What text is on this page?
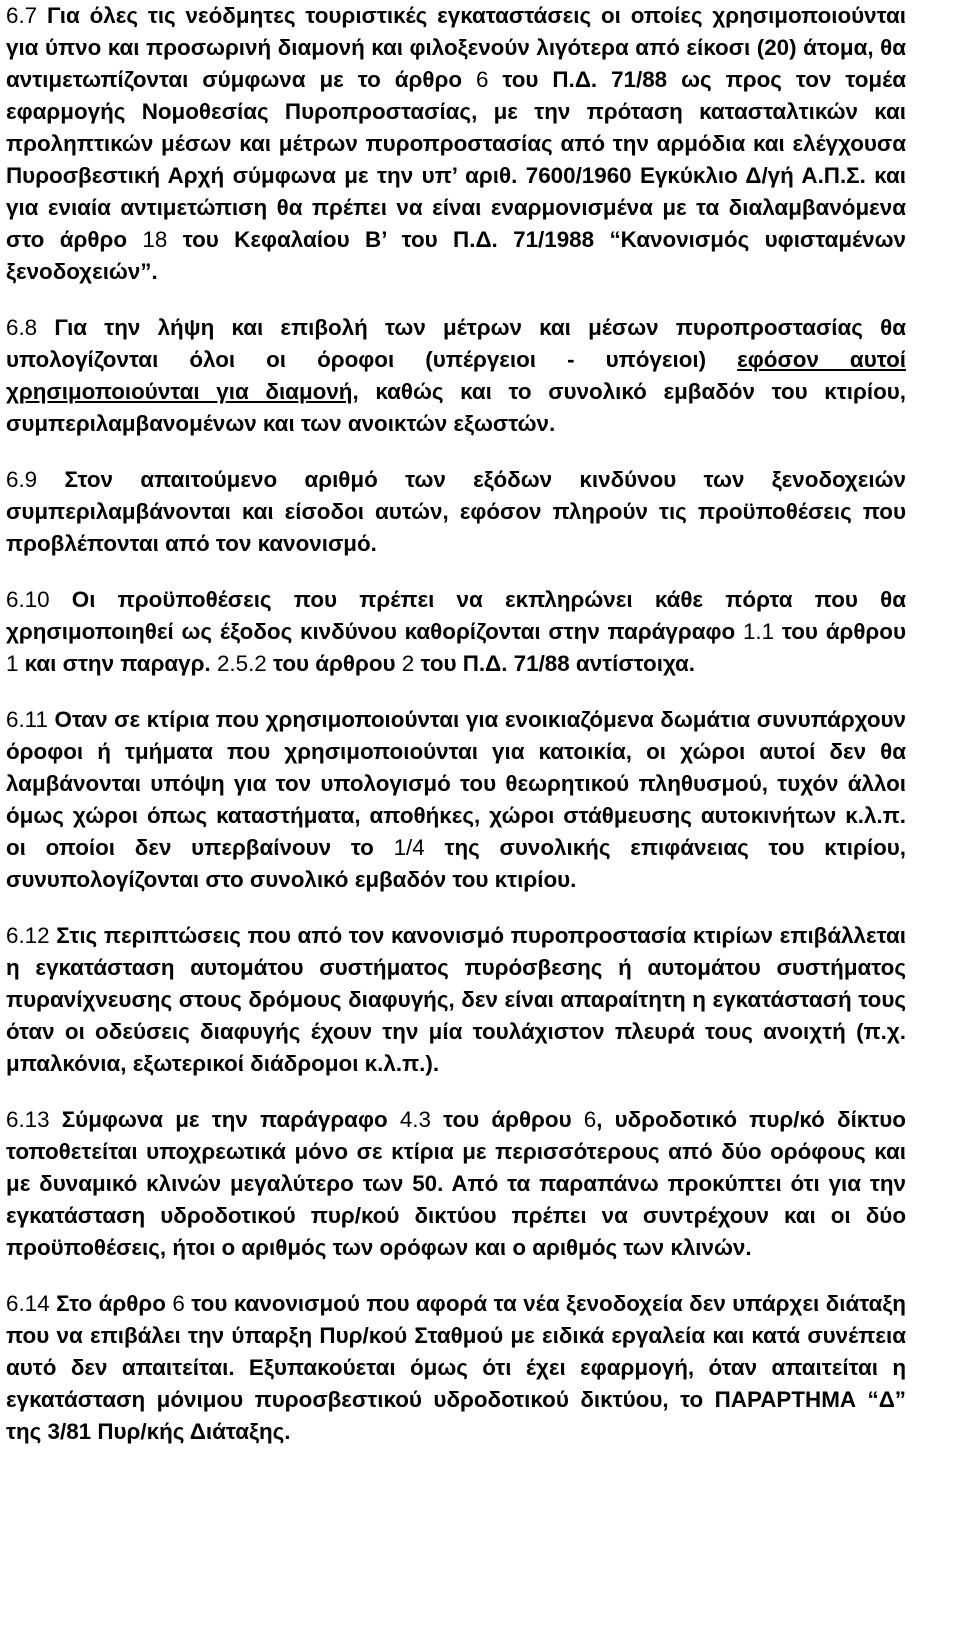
6.7 Για όλες τις νεόδμητες τουριστικές εγκαταστάσεις οι οποίες χρησιμοποιούνται για ύπνο και προσωρινή διαμονή και φιλοξενούν λιγότερα από είκοσι (20) άτομα, θα αντιμετωπίζονται σύμφωνα με το άρθρο 6 του Π.Δ. 71/88 ως προς τον τομέα εφαρμογής Νομοθεσίας Πυροπροστασίας, με την πρόταση κατασταλτικών και προληπτικών μέσων και μέτρων πυροπροστασίας από την αρμόδια και ελέγχουσα Πυροσβεστική Αρχή σύμφωνα με την υπ’ αριθ. 7600/1960 Εγκύκλιο Δ/γή Α.Π.Σ. και για ενιαία αντιμετώπιση θα πρέπει να είναι εναρμονισμένα με τα διαλαμβανόμενα στο άρθρο 18 του Κεφαλαίου Β’ του Π.Δ. 71/1988 “Κανονισμός υφισταμένων ξενοδοχειών”.

6.8 Για την λήψη και επιβολή των μέτρων και μέσων πυροπροστασίας θα υπολογίζονται όλοι οι όροφοι (υπέργειοι - υπόγειοι) εφόσον αυτοί χρησιμοποιούνται για διαμονή, καθώς και το συνολικό εμβαδόν του κτιρίου, συμπεριλαμβανομένων και των ανοικτών εξωστών.

6.9 Στον απαιτούμενο αριθμό των εξόδων κινδύνου των ξενοδοχειών συμπεριλαμβάνονται και είσοδοι αυτών, εφόσον πληρούν τις προϋποθέσεις που προβλέπονται από τον κανονισμό.

6.10 Οι προϋποθέσεις που πρέπει να εκπληρώνει κάθε πόρτα που θα χρησιμοποιηθεί ως έξοδος κινδύνου καθορίζονται στην παράγραφο 1.1 του άρθρου 1 και στην παραγρ. 2.5.2 του άρθρου 2 του Π.Δ. 71/88 αντίστοιχα.

6.11 Οταν σε κτίρια που χρησιμοποιούνται για ενοικιαζόμενα δωμάτια συνυπάρχουν όροφοι ή τμήματα που χρησιμοποιούνται για κατοικία, οι χώροι αυτοί δεν θα λαμβάνονται υπόψη για τον υπολογισμό του θεωρητικού πληθυσμού, τυχόν άλλοι όμως χώροι όπως καταστήματα, αποθήκες, χώροι στάθμευσης αυτοκινήτων κ.λ.π. οι οποίοι δεν υπερβαίνουν το 1/4 της συνολικής επιφάνειας του κτιρίου, συνυπολογίζονται στο συνολικό εμβαδόν του κτιρίου.

6.12 Στις περιπτώσεις που από τον κανονισμό πυροπροστασία κτιρίων επιβάλλεται η εγκατάσταση αυτομάτου συστήματος πυρόσβεσης ή αυτομάτου συστήματος πυρανίχνευσης στους δρόμους διαφυγής, δεν είναι απαραίτητη η εγκατάστασή τους όταν οι οδεύσεις διαφυγής έχουν την μία τουλάχιστον πλευρά τους ανοιχτή (π.χ. μπαλκόνια, εξωτερικοί διάδρομοι κ.λ.π.).

6.13 Σύμφωνα με την παράγραφο 4.3 του άρθρου 6, υδροδοτικό πυρ/κό δίκτυο τοποθετείται υποχρεωτικά μόνο σε κτίρια με περισσότερους από δύο ορόφους και με δυναμικό κλινών μεγαλύτερο των 50. Από τα παραπάνω προκύπτει ότι για την εγκατάσταση υδροδοτικού πυρ/κού δικτύου πρέπει να συντρέχουν και οι δύο προϋποθέσεις, ήτοι ο αριθμός των ορόφων και ο αριθμός των κλινών.

6.14 Στο άρθρο 6 του κανονισμού που αφορά τα νέα ξενοδοχεία δεν υπάρχει διάταξη που να επιβάλει την ύπαρξη Πυρ/κού Σταθμού με ειδικά εργαλεία και κατά συνέπεια αυτό δεν απαιτείται. Εξυπακούεται όμως ότι έχει εφαρμογή, όταν απαιτείται η εγκατάσταση μόνιμου πυροσβεστικού υδροδοτικού δικτύου, το ΠΑΡΑΡΤΗΜΑ “Δ” της 3/81 Πυρ/κής Διάταξης.
